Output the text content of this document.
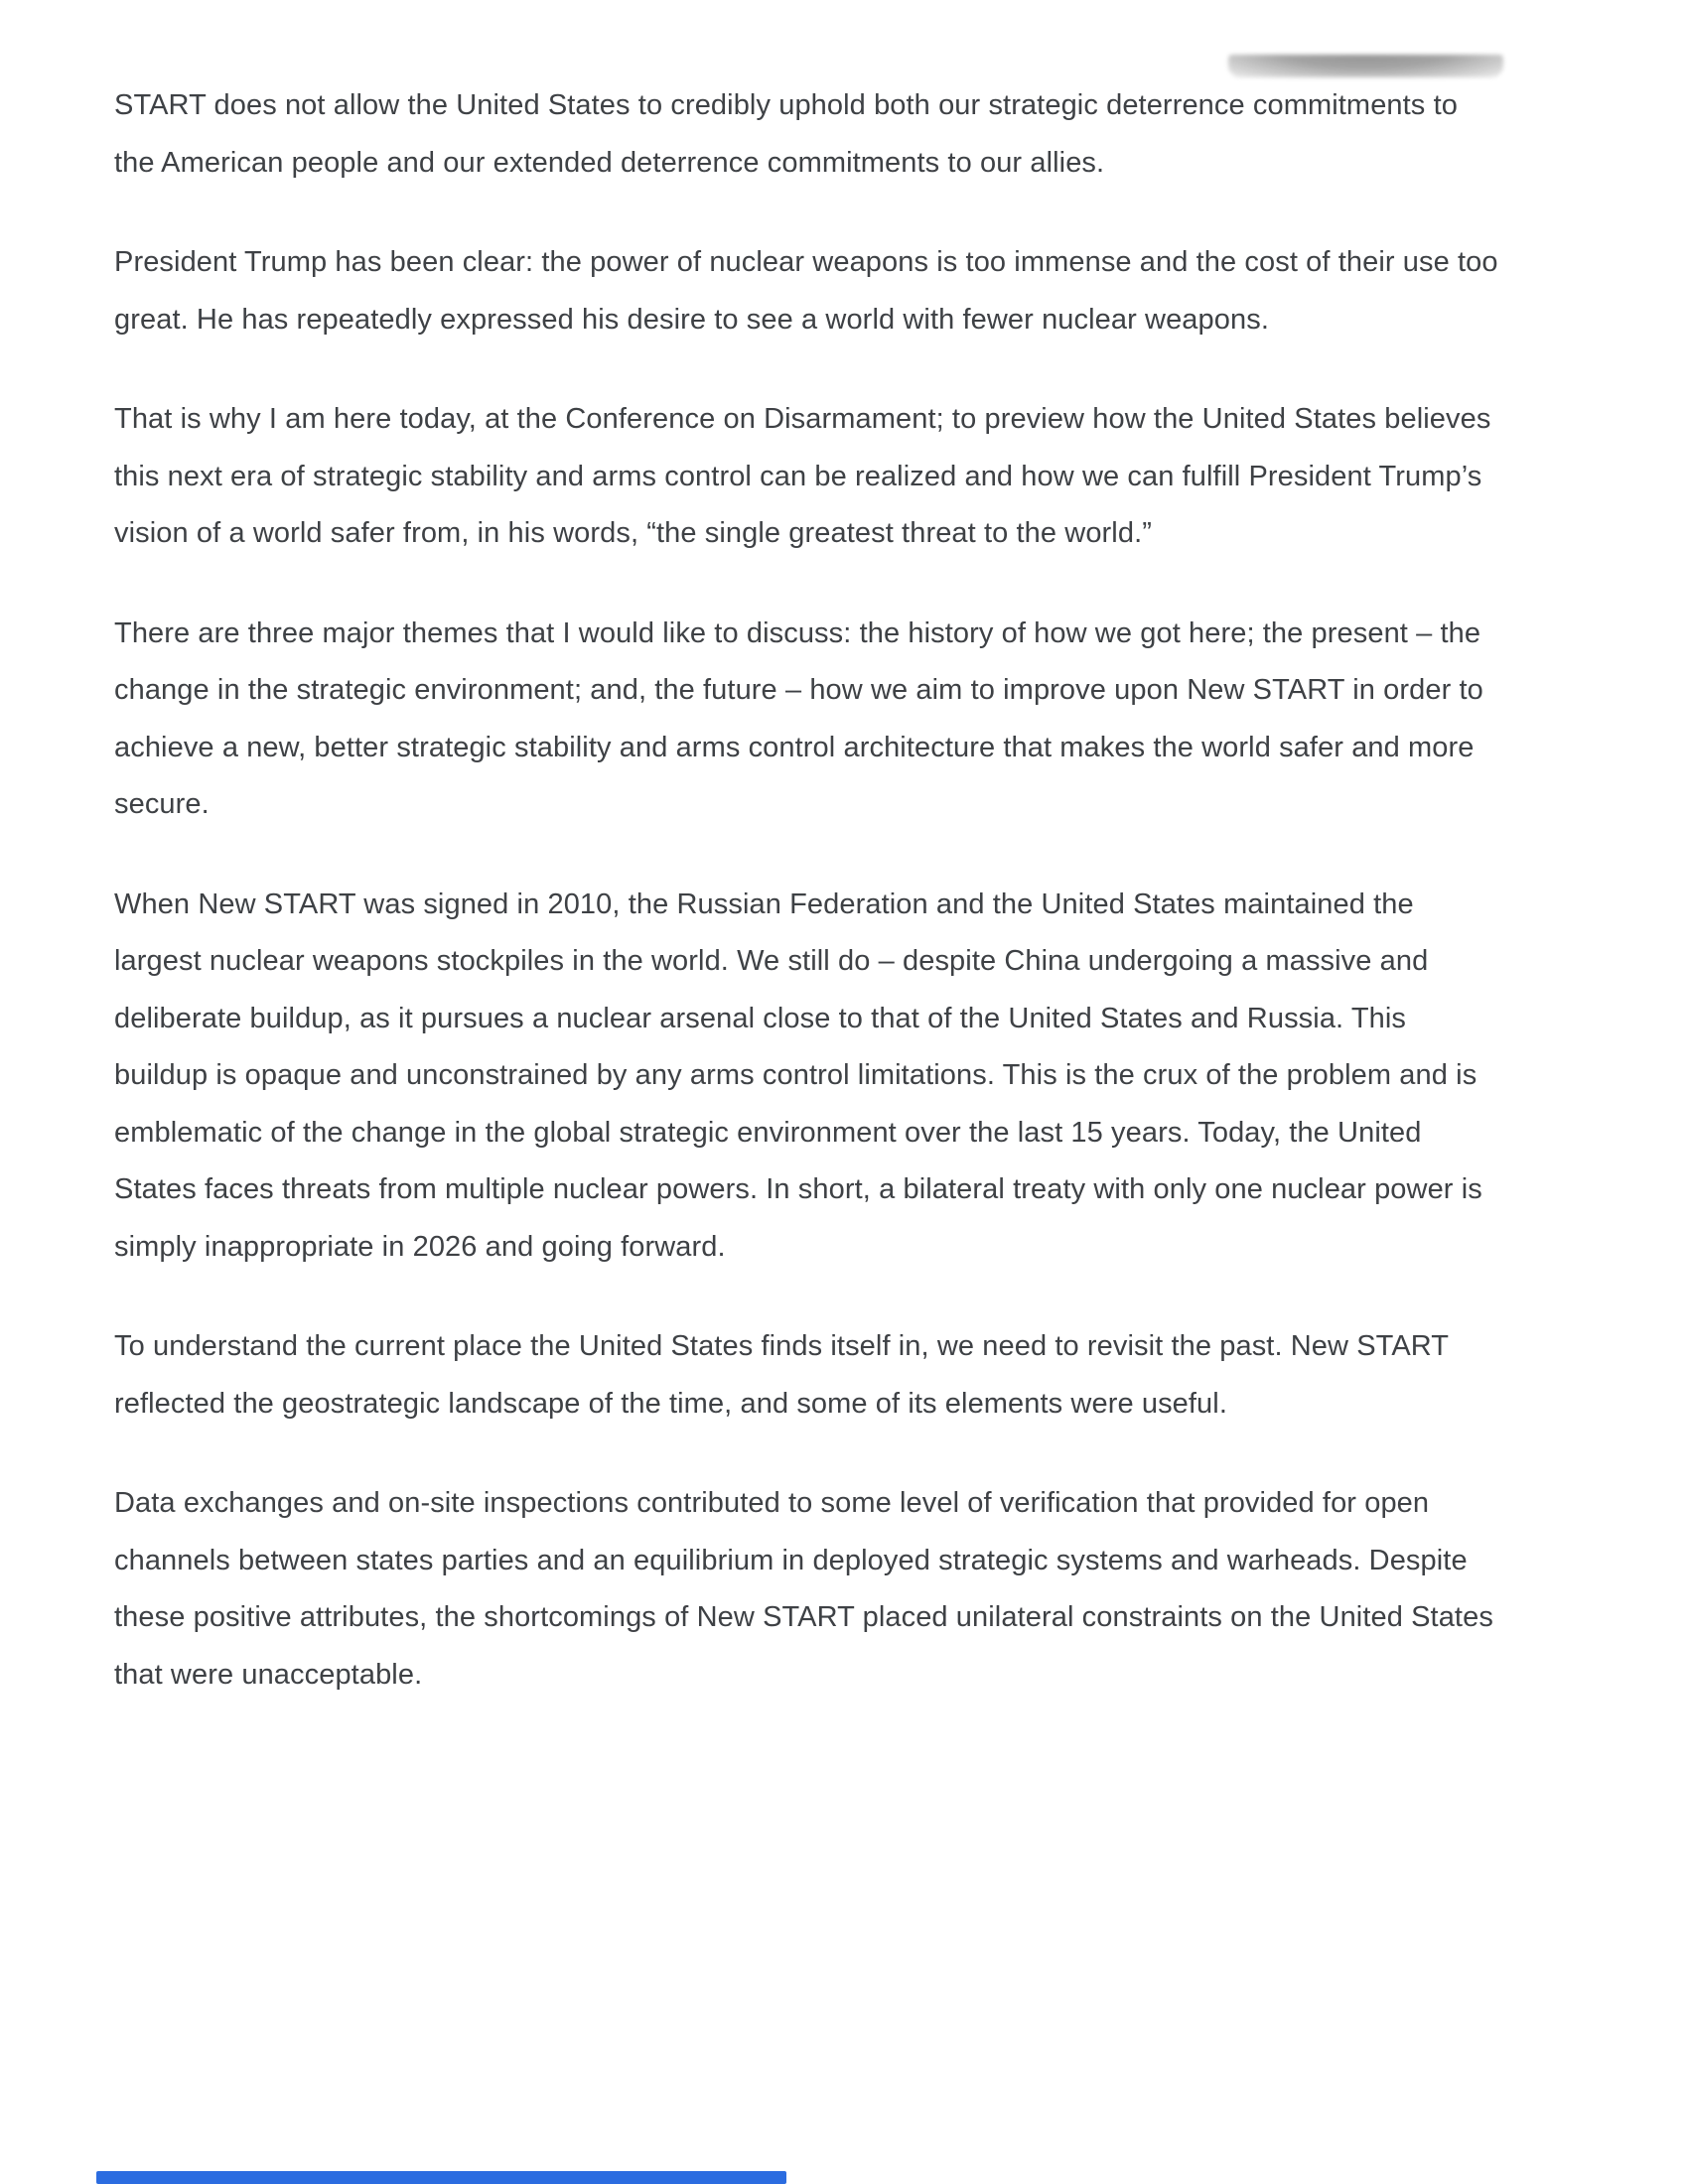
START does not allow the United States to credibly uphold both our strategic deterrence commitments to the American people and our extended deterrence commitments to our allies.

President Trump has been clear: the power of nuclear weapons is too immense and the cost of their use too great. He has repeatedly expressed his desire to see a world with fewer nuclear weapons.

That is why I am here today, at the Conference on Disarmament; to preview how the United States believes this next era of strategic stability and arms control can be realized and how we can fulfill President Trump’s vision of a world safer from, in his words, “the single greatest threat to the world.”

There are three major themes that I would like to discuss: the history of how we got here; the present – the change in the strategic environment; and, the future – how we aim to improve upon New START in order to achieve a new, better strategic stability and arms control architecture that makes the world safer and more secure.

When New START was signed in 2010, the Russian Federation and the United States maintained the largest nuclear weapons stockpiles in the world. We still do – despite China undergoing a massive and deliberate buildup, as it pursues a nuclear arsenal close to that of the United States and Russia. This buildup is opaque and unconstrained by any arms control limitations. This is the crux of the problem and is emblematic of the change in the global strategic environment over the last 15 years. Today, the United States faces threats from multiple nuclear powers. In short, a bilateral treaty with only one nuclear power is simply inappropriate in 2026 and going forward.

To understand the current place the United States finds itself in, we need to revisit the past. New START reflected the geostrategic landscape of the time, and some of its elements were useful.

Data exchanges and on-site inspections contributed to some level of verification that provided for open channels between states parties and an equilibrium in deployed strategic systems and warheads. Despite these positive attributes, the shortcomings of New START placed unilateral constraints on the United States that were unacceptable.
